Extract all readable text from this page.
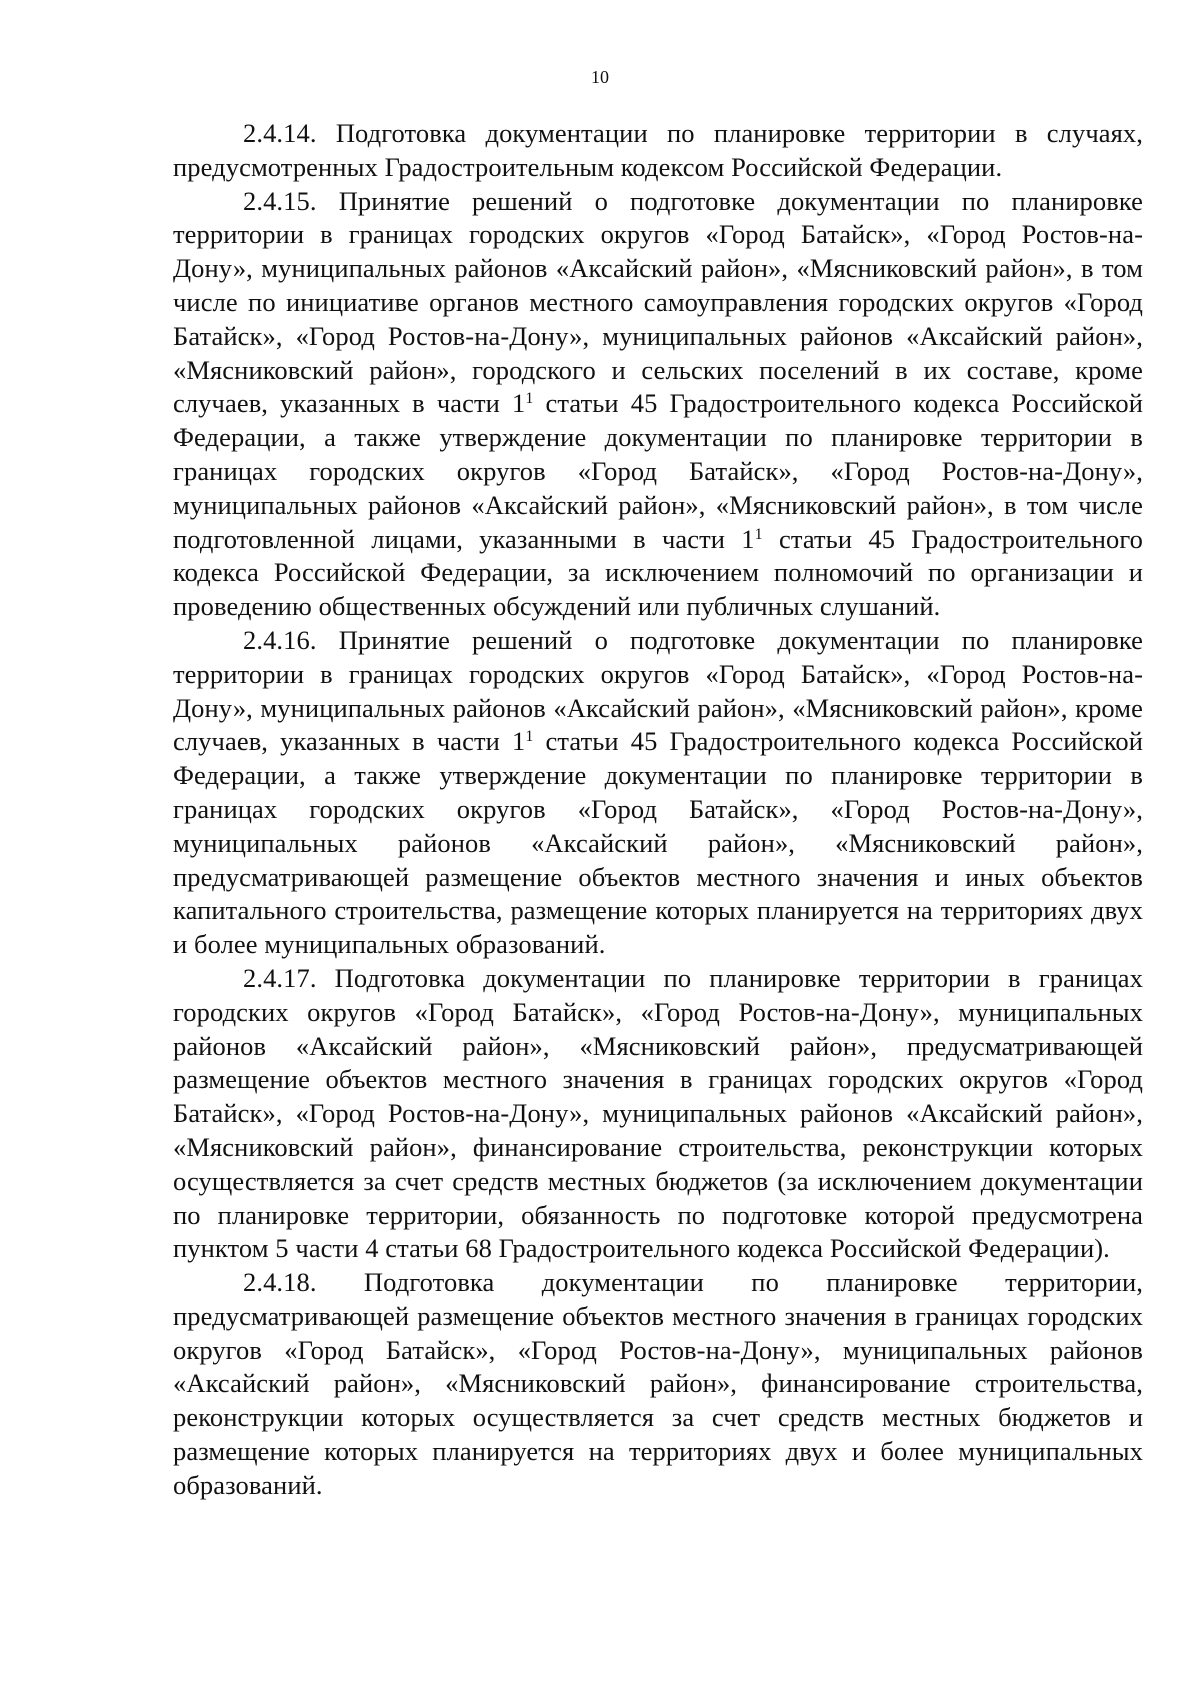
10

2.4.14. Подготовка документации по планировке территории в случаях, предусмотренных Градостроительным кодексом Российской Федерации.

2.4.15. Принятие решений о подготовке документации по планировке территории в границах городских округов «Город Батайск», «Город Ростов-на-Дону», муниципальных районов «Аксайский район», «Мясниковский район», в том числе по инициативе органов местного самоуправления городских округов «Город Батайск», «Город Ростов-на-Дону», муниципальных районов «Аксайский район», «Мясниковский район», городского и сельских поселений в их составе, кроме случаев, указанных в части $1^1$ статьи 45 Градостроительного кодекса Российской Федерации, а также утверждение документации по планировке территории в границах городских округов «Город Батайск», «Город Ростов-на-Дону», муниципальных районов «Аксайский район», «Мясниковский район», в том числе подготовленной лицами, указанными в части $1^1$ статьи 45 Градостроительного кодекса Российской Федерации, за исключением полномочий по организации и проведению общественных обсуждений или публичных слушаний.

2.4.16. Принятие решений о подготовке документации по планировке территории в границах городских округов «Город Батайск», «Город Ростов-на-Дону», муниципальных районов «Аксайский район», «Мясниковский район», кроме случаев, указанных в части $1^1$ статьи 45 Градостроительного кодекса Российской Федерации, а также утверждение документации по планировке территории в границах городских округов «Город Батайск», «Город Ростов-на-Дону», муниципальных районов «Аксайский район», «Мясниковский район», предусматривающей размещение объектов местного значения и иных объектов капитального строительства, размещение которых планируется на территориях двух и более муниципальных образований.

2.4.17. Подготовка документации по планировке территории в границах городских округов «Город Батайск», «Город Ростов-на-Дону», муниципальных районов «Аксайский район», «Мясниковский район», предусматривающей размещение объектов местного значения в границах городских округов «Город Батайск», «Город Ростов-на-Дону», муниципальных районов «Аксайский район», «Мясниковский район», финансирование строительства, реконструкции которых осуществляется за счет средств местных бюджетов (за исключением документации по планировке территории, обязанность по подготовке которой предусмотрена пунктом 5 части 4 статьи 68 Градостроительного кодекса Российской Федерации).

2.4.18. Подготовка документации по планировке территории, предусматривающей размещение объектов местного значения в границах городских округов «Город Батайск», «Город Ростов-на-Дону», муниципальных районов «Аксайский район», «Мясниковский район», финансирование строительства, реконструкции которых осуществляется за счет средств местных бюджетов и размещение которых планируется на территориях двух и более муниципальных образований.
